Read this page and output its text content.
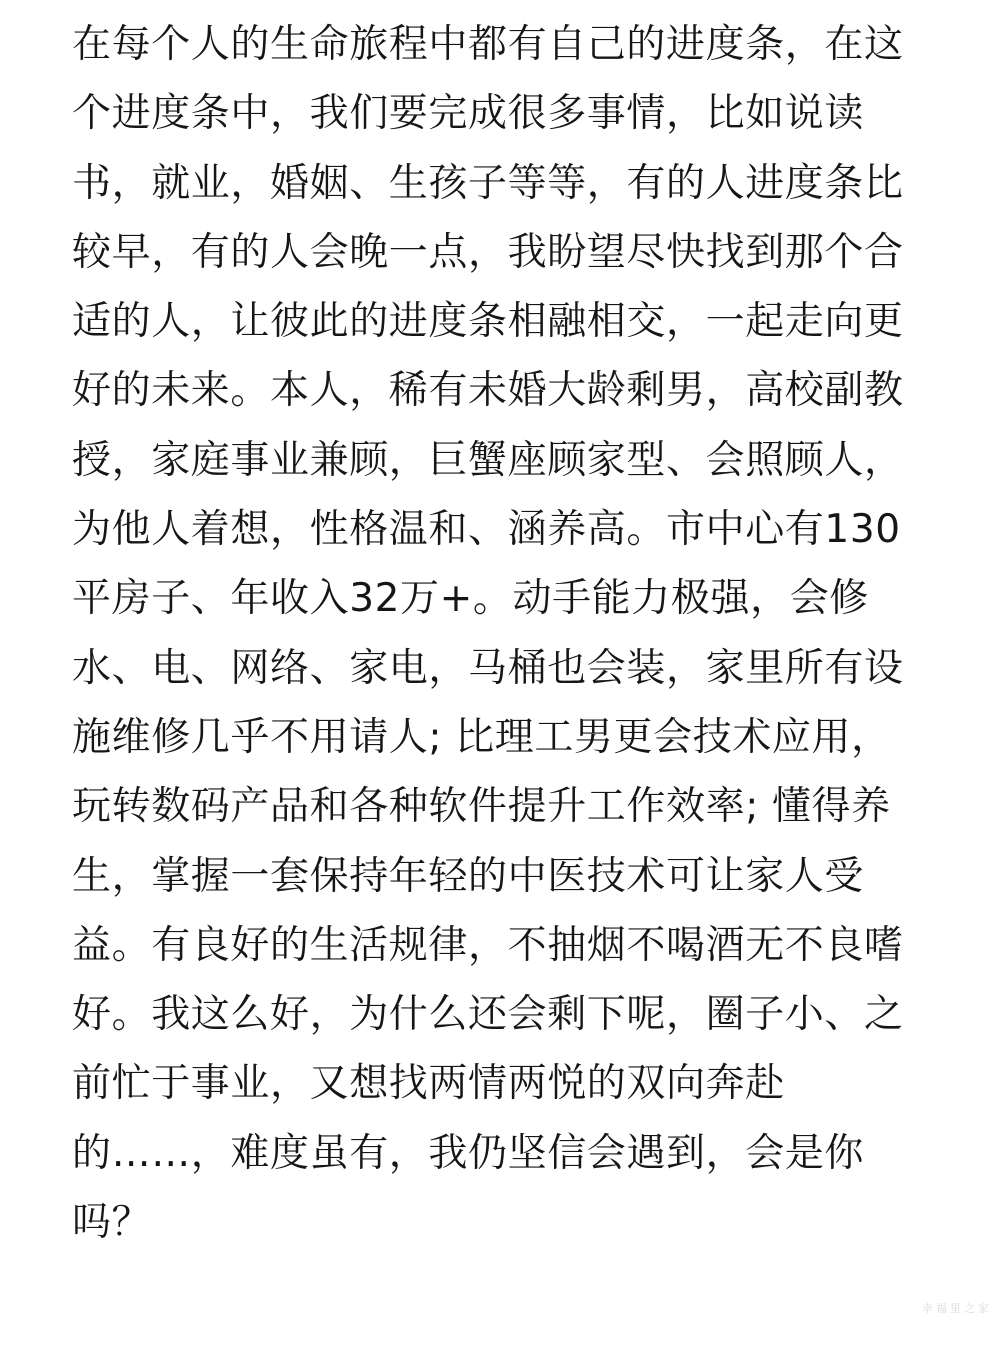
在每个人的生命旅程中都有自己的进度条，在这
个进度条中，我们要完成很多事情，比如说读
书，就业，婚姻、生孩子等等，有的人进度条比
较早，有的人会晚一点，我盼望尽快找到那个合
适的人，让彼此的进度条相融相交，一起走向更
好的未来。本人，稀有未婚大龄剩男，高校副教
授，家庭事业兼顾，巨蟹座顾家型、会照顾人，
为他人着想，性格温和、涵养高。市中心有130
平房子、年收入32万+。动手能力极强，会修
水、电、网络、家电，马桶也会装，家里所有设
施维修几乎不用请人; 比理工男更会技术应用，
玩转数码产品和各种软件提升工作效率; 懂得养
生，掌握一套保持年轻的中医技术可让家人受
益。有良好的生活规律，不抽烟不喝酒无不良嗜
好。我这么好，为什么还会剩下呢，圈子小、之
前忙于事业，又想找两情两悦的双向奔赴
的……，难度虽有，我仍坚信会遇到，会是你
吗？
幸福里之家
